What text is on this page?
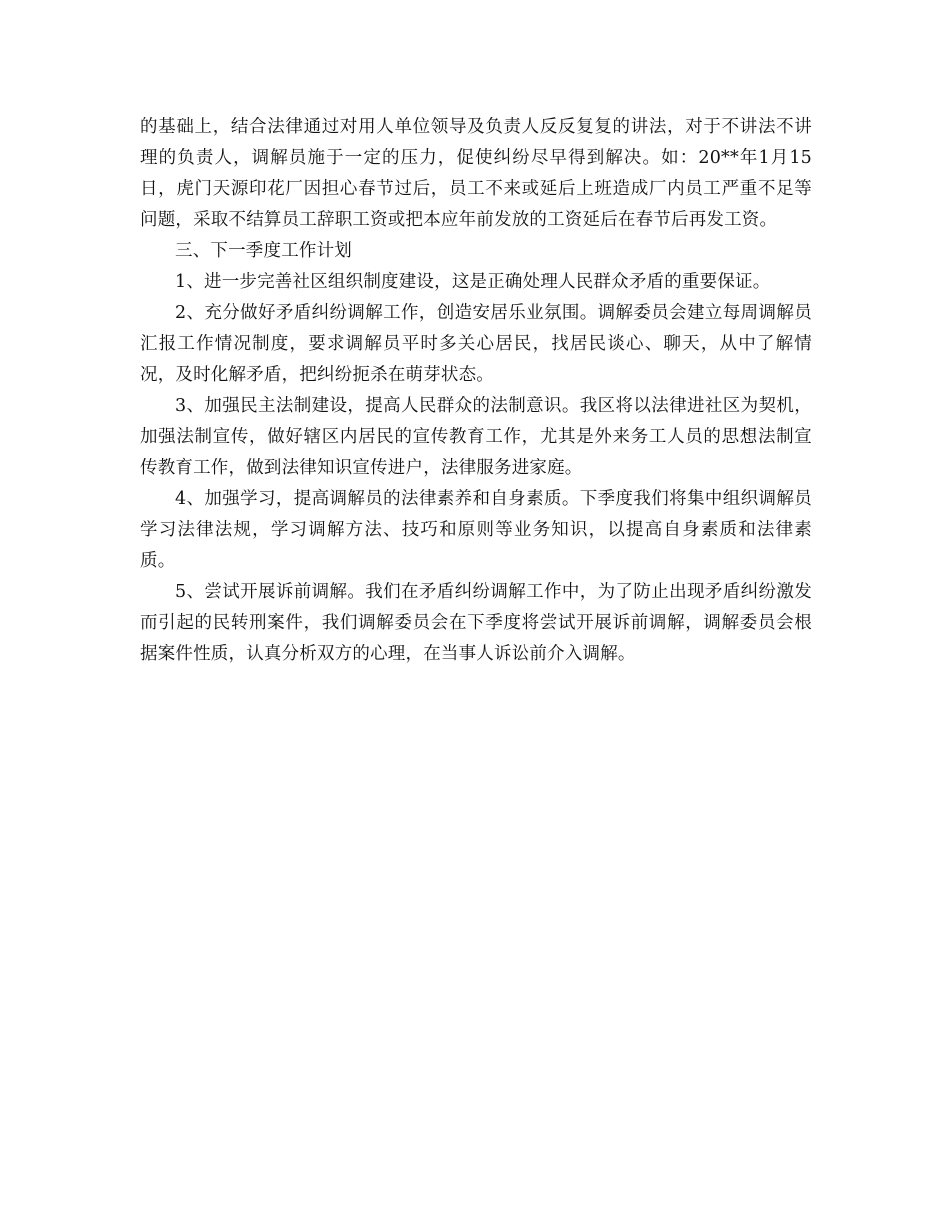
的基础上，结合法律通过对用人单位领导及负责人反反复复的讲法，对于不讲法不讲理的负责人，调解员施于一定的压力，促使纠纷尽早得到解决。如：20**年1月15日，虎门天源印花厂因担心春节过后，员工不来或延后上班造成厂内员工严重不足等问题，采取不结算员工辞职工资或把本应年前发放的工资延后在春节后再发工资。

三、下一季度工作计划

1、进一步完善社区组织制度建设，这是正确处理人民群众矛盾的重要保证。

2、充分做好矛盾纠纷调解工作，创造安居乐业氛围。调解委员会建立每周调解员汇报工作情况制度，要求调解员平时多关心居民，找居民谈心、聊天，从中了解情况，及时化解矛盾，把纠纷扼杀在萌芽状态。

3、加强民主法制建设，提高人民群众的法制意识。我区将以法律进社区为契机，加强法制宣传，做好辖区内居民的宣传教育工作，尤其是外来务工人员的思想法制宣传教育工作，做到法律知识宣传进户，法律服务进家庭。

4、加强学习，提高调解员的法律素养和自身素质。下季度我们将集中组织调解员学习法律法规，学习调解方法、技巧和原则等业务知识，以提高自身素质和法律素质。

5、尝试开展诉前调解。我们在矛盾纠纷调解工作中，为了防止出现矛盾纠纷激发而引起的民转刑案件，我们调解委员会在下季度将尝试开展诉前调解，调解委员会根据案件性质，认真分析双方的心理，在当事人诉讼前介入调解。
